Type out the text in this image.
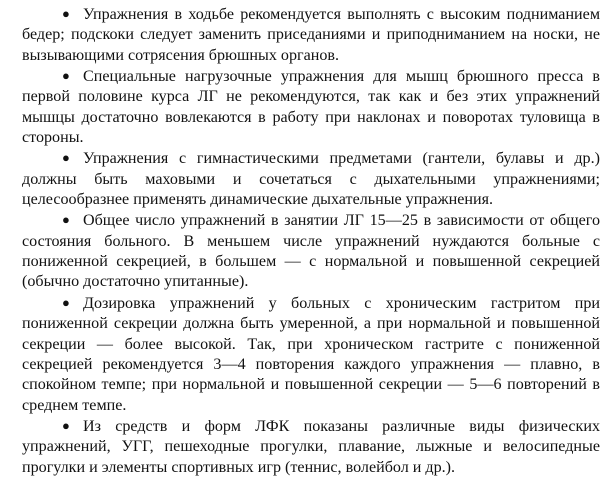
● Упражнения в ходьбе рекомендуется выполнять с высоким подниманием бедер; подскоки следует заменить приседаниями и приподниманием на носки, не вызывающими сотрясения брюшных органов.

● Специальные нагрузочные упражнения для мышц брюшного пресса в первой половине курса ЛГ не рекомендуются, так как и без этих упражнений мышцы достаточно вовлекаются в работу при наклонах и поворотах туловища в стороны.

● Упражнения с гимнастическими предметами (гантели, булавы и др.) должны быть маховыми и сочетаться с дыхательными упражнениями; целесообразнее применять динамические дыхательные упражнения.

● Общее число упражнений в занятии ЛГ 15—25 в зависимости от общего состояния больного. В меньшем числе упражнений нуждаются больные с пониженной секрецией, в большем — с нормальной и повышенной секрецией (обычно достаточно упитанные).

● Дозировка упражнений у больных с хроническим гастритом при пониженной секреции должна быть умеренной, а при нормальной и повышенной секреции — более высокой. Так, при хроническом гастрите с пониженной секрецией рекомендуется 3—4 повторения каждого упражнения — плавно, в спокойном темпе; при нормальной и повышенной секреции — 5—6 повторений в среднем темпе.

● Из средств и форм ЛФК показаны различные виды физических упражнений, УГГ, пешеходные прогулки, плавание, лыжные и велосипедные прогулки и элементы спортивных игр (теннис, волейбол и др.).
